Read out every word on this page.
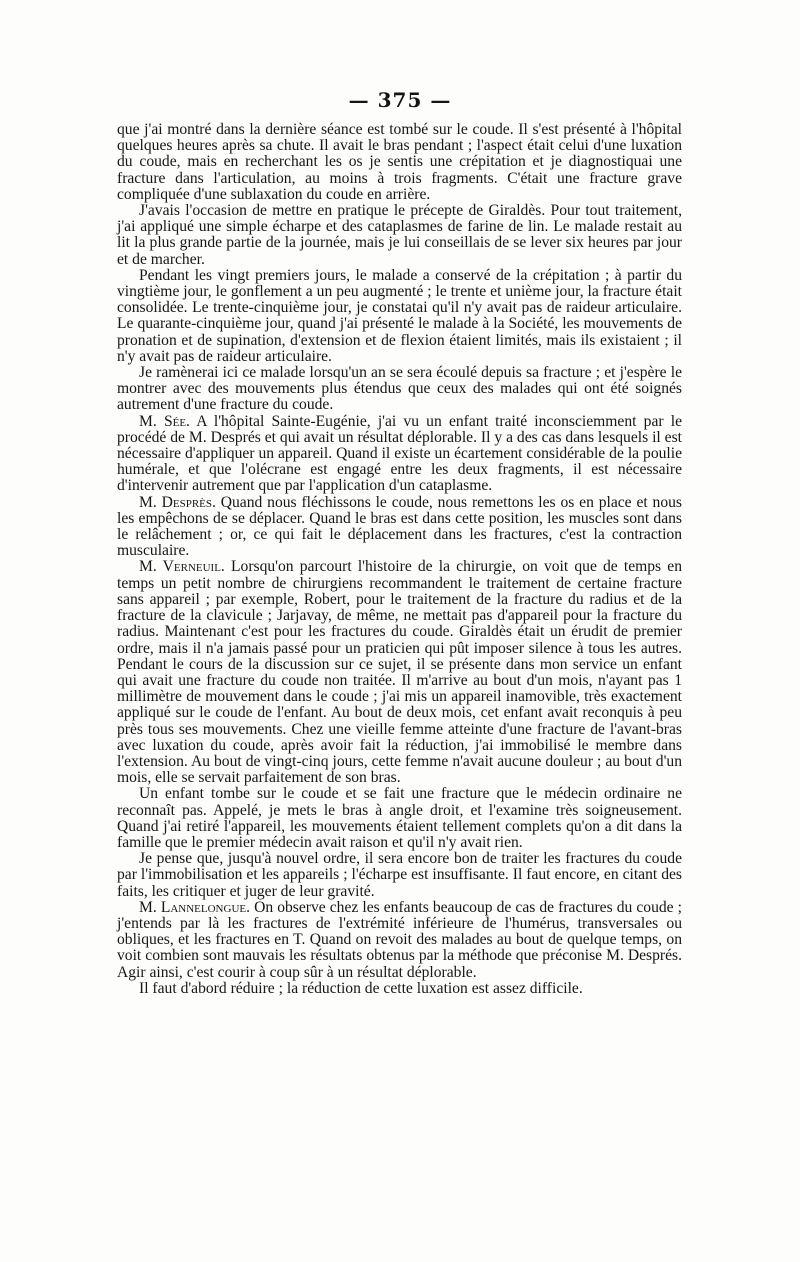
— 375 —

que j'ai montré dans la dernière séance est tombé sur le coude. Il s'est présenté à l'hôpital quelques heures après sa chute. Il avait le bras pendant ; l'aspect était celui d'une luxation du coude, mais en recherchant les os je sentis une crépitation et je diagnostiquai une fracture dans l'articulation, au moins à trois fragments. C'était une fracture grave compliquée d'une sublaxation du coude en arrière.

J'avais l'occasion de mettre en pratique le précepte de Giraldès. Pour tout traitement, j'ai appliqué une simple écharpe et des cataplasmes de farine de lin. Le malade restait au lit la plus grande partie de la journée, mais je lui conseillais de se lever six heures par jour et de marcher.

Pendant les vingt premiers jours, le malade a conservé de la crépitation ; à partir du vingtième jour, le gonflement a un peu augmenté ; le trente et unième jour, la fracture était consolidée. Le trente-cinquième jour, je constatai qu'il n'y avait pas de raideur articulaire. Le quarante-cinquième jour, quand j'ai présenté le malade à la Société, les mouvements de pronation et de supination, d'extension et de flexion étaient limités, mais ils existaient ; il n'y avait pas de raideur articulaire.

Je ramènerai ici ce malade lorsqu'un an se sera écoulé depuis sa fracture ; et j'espère le montrer avec des mouvements plus étendus que ceux des malades qui ont été soignés autrement d'une fracture du coude.

M. Sée. A l'hôpital Sainte-Eugénie, j'ai vu un enfant traité inconsciemment par le procédé de M. Després et qui avait un résultat déplorable. Il y a des cas dans lesquels il est nécessaire d'appliquer un appareil. Quand il existe un écartement considérable de la poulie humérale, et que l'olécrane est engagé entre les deux fragments, il est nécessaire d'intervenir autrement que par l'application d'un cataplasme.

M. Desprès. Quand nous fléchissons le coude, nous remettons les os en place et nous les empêchons de se déplacer. Quand le bras est dans cette position, les muscles sont dans le relâchement ; or, ce qui fait le déplacement dans les fractures, c'est la contraction musculaire.

M. Verneuil. Lorsqu'on parcourt l'histoire de la chirurgie, on voit que de temps en temps un petit nombre de chirurgiens recommandent le traitement de certaine fracture sans appareil ; par exemple, Robert, pour le traitement de la fracture du radius et de la fracture de la clavicule ; Jarjavay, de même, ne mettait pas d'appareil pour la fracture du radius. Maintenant c'est pour les fractures du coude. Giraldès était un érudit de premier ordre, mais il n'a jamais passé pour un praticien qui pût imposer silence à tous les autres. Pendant le cours de la discussion sur ce sujet, il se présente dans mon service un enfant qui avait une fracture du coude non traitée. Il m'arrive au bout d'un mois, n'ayant pas 1 millimètre de mouvement dans le coude ; j'ai mis un appareil inamovible, très exactement appliqué sur le coude de l'enfant. Au bout de deux mois, cet enfant avait reconquis à peu près tous ses mouvements. Chez une vieille femme atteinte d'une fracture de l'avant-bras avec luxation du coude, après avoir fait la réduction, j'ai immobilisé le membre dans l'extension. Au bout de vingt-cinq jours, cette femme n'avait aucune douleur ; au bout d'un mois, elle se servait parfaitement de son bras.

Un enfant tombe sur le coude et se fait une fracture que le médecin ordinaire ne reconnaît pas. Appelé, je mets le bras à angle droit, et l'examine très soigneusement. Quand j'ai retiré l'appareil, les mouvements étaient tellement complets qu'on a dit dans la famille que le premier médecin avait raison et qu'il n'y avait rien.

Je pense que, jusqu'à nouvel ordre, il sera encore bon de traiter les fractures du coude par l'immobilisation et les appareils ; l'écharpe est insuffisante. Il faut encore, en citant des faits, les critiquer et juger de leur gravité.

M. Lannelongue. On observe chez les enfants beaucoup de cas de fractures du coude ; j'entends par là les fractures de l'extrémité inférieure de l'humérus, transversales ou obliques, et les fractures en T. Quand on revoit des malades au bout de quelque temps, on voit combien sont mauvais les résultats obtenus par la méthode que préconise M. Després. Agir ainsi, c'est courir à coup sûr à un résultat déplorable.

Il faut d'abord réduire ; la réduction de cette luxation est assez difficile.
